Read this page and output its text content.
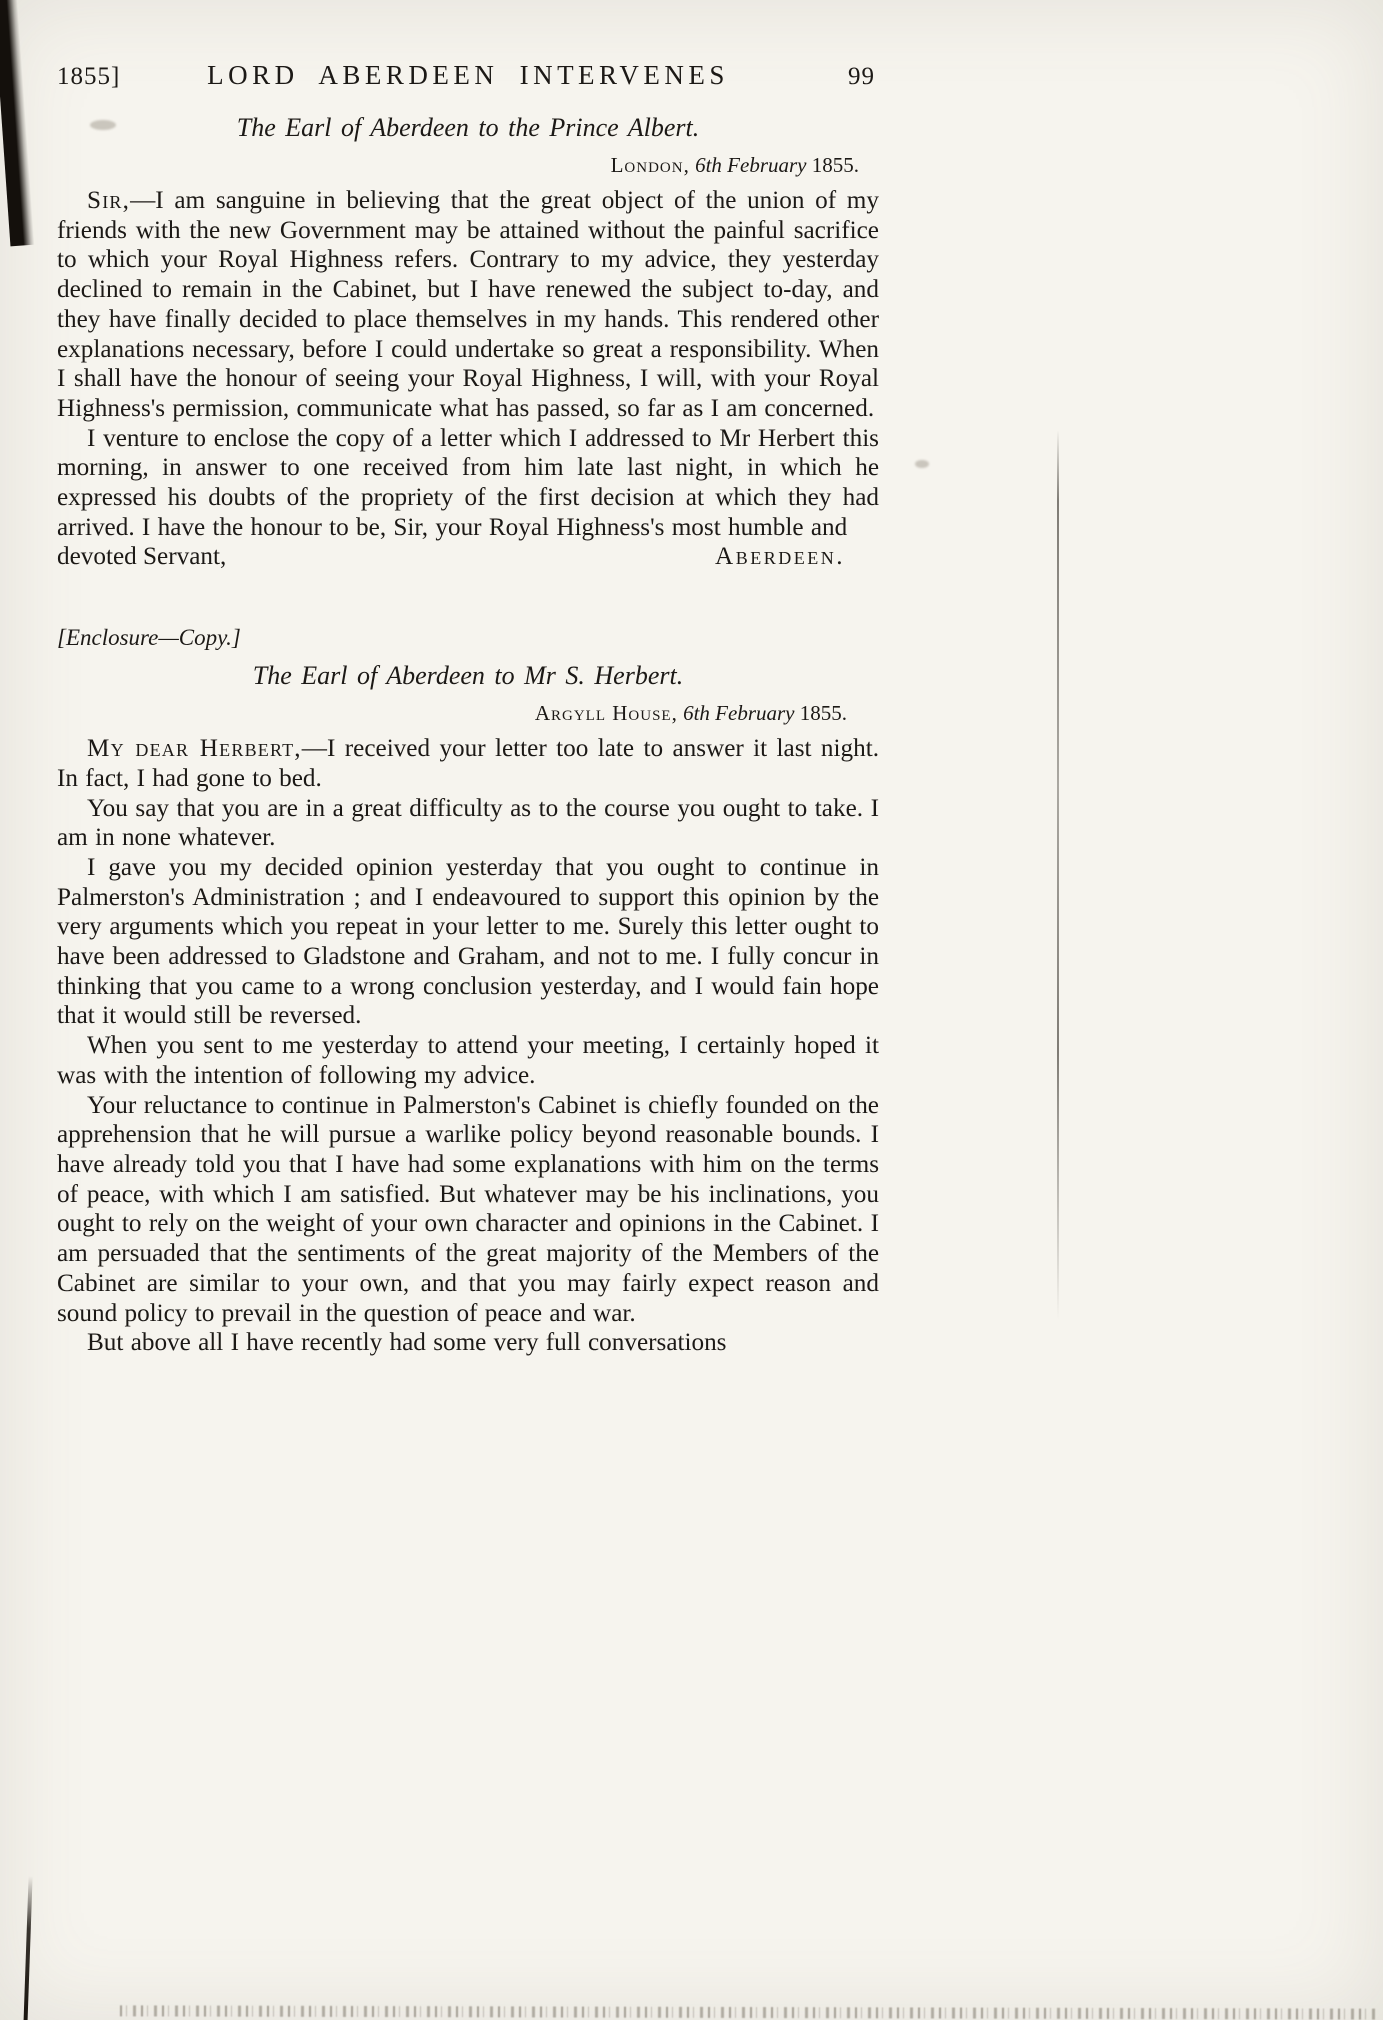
1855]	LORD ABERDEEN INTERVENES	99
The Earl of Aberdeen to the Prince Albert.
London, 6th February 1855.

Sir,—I am sanguine in believing that the great object of the union of my friends with the new Government may be attained without the painful sacrifice to which your Royal Highness refers. Contrary to my advice, they yesterday declined to remain in the Cabinet, but I have renewed the subject to-day, and they have finally decided to place themselves in my hands. This rendered other explanations necessary, before I could undertake so great a responsibility. When I shall have the honour of seeing your Royal Highness, I will, with your Royal Highness's permission, communicate what has passed, so far as I am concerned.

I venture to enclose the copy of a letter which I addressed to Mr Herbert this morning, in answer to one received from him late last night, in which he expressed his doubts of the propriety of the first decision at which they had arrived. I have the honour to be, Sir, your Royal Highness's most humble and

devoted Servant,	Aberdeen.
[Enclosure—Copy.]
The Earl of Aberdeen to Mr S. Herbert.
Argyll House, 6th February 1855.

My dear Herbert,—I received your letter too late to answer it last night. In fact, I had gone to bed.

You say that you are in a great difficulty as to the course you ought to take. I am in none whatever.

I gave you my decided opinion yesterday that you ought to continue in Palmerston's Administration ; and I endeavoured to support this opinion by the very arguments which you repeat in your letter to me. Surely this letter ought to have been addressed to Gladstone and Graham, and not to me. I fully concur in thinking that you came to a wrong conclusion yesterday, and I would fain hope that it would still be reversed.

When you sent to me yesterday to attend your meeting, I certainly hoped it was with the intention of following my advice.

Your reluctance to continue in Palmerston's Cabinet is chiefly founded on the apprehension that he will pursue a warlike policy beyond reasonable bounds. I have already told you that I have had some explanations with him on the terms of peace, with which I am satisfied. But whatever may be his inclinations, you ought to rely on the weight of your own character and opinions in the Cabinet. I am persuaded that the sentiments of the great majority of the Members of the Cabinet are similar to your own, and that you may fairly expect reason and sound policy to prevail in the question of peace and war.

But above all I have recently had some very full conversations
